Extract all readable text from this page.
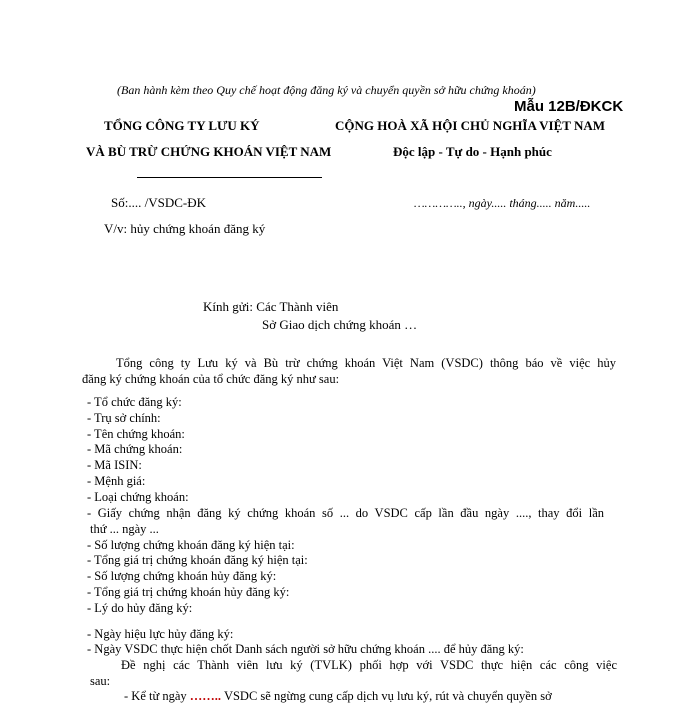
(Ban hành kèm theo Quy chế hoạt động đăng ký và chuyển quyền sở hữu chứng khoán)
Mẫu 12B/ĐKCK
TỔNG CÔNG TY LƯU KÝ	CỘNG HOÀ XÃ HỘI CHỦ NGHĨA VIỆT NAM
VÀ BÙ TRỪ CHỨNG KHOÁN VIỆT NAM	Độc lập - Tự do - Hạnh phúc
Số:.... /VSDC-ĐK	………….., ngày..... tháng..... năm.....
V/v: hủy chứng khoán đăng ký
Kính gửi: Các Thành viên
Sở Giao dịch chứng khoán …
Tổng công ty Lưu ký và Bù trừ chứng khoán Việt Nam (VSDC) thông báo về việc hủy
đăng ký chứng khoán của tổ chức đăng ký như sau:
- Tổ chức đăng ký:
- Trụ sở chính:
- Tên chứng khoán:
- Mã chứng khoán:
- Mã ISIN:
- Mệnh giá:
- Loại chứng khoán:
- Giấy chứng nhận đăng ký chứng khoán số ... do VSDC cấp lần đầu ngày ...., thay đổi lần
thứ ... ngày ...
- Số lượng chứng khoán đăng ký hiện tại:
- Tổng giá trị chứng khoán đăng ký hiện tại:
- Số lượng chứng khoán hủy đăng ký:
- Tổng giá trị chứng khoán hủy đăng ký:
- Lý do hủy đăng ký:
- Ngày hiệu lực hủy đăng ký:
- Ngày VSDC thực hiện chốt Danh sách người sở hữu chứng khoán .... để hủy đăng ký:
Đề nghị các Thành viên lưu ký (TVLK) phối hợp với VSDC thực hiện các công việc
sau:
- Kể từ ngày …….. VSDC sẽ ngừng cung cấp dịch vụ lưu ký, rút và chuyển quyền sở
